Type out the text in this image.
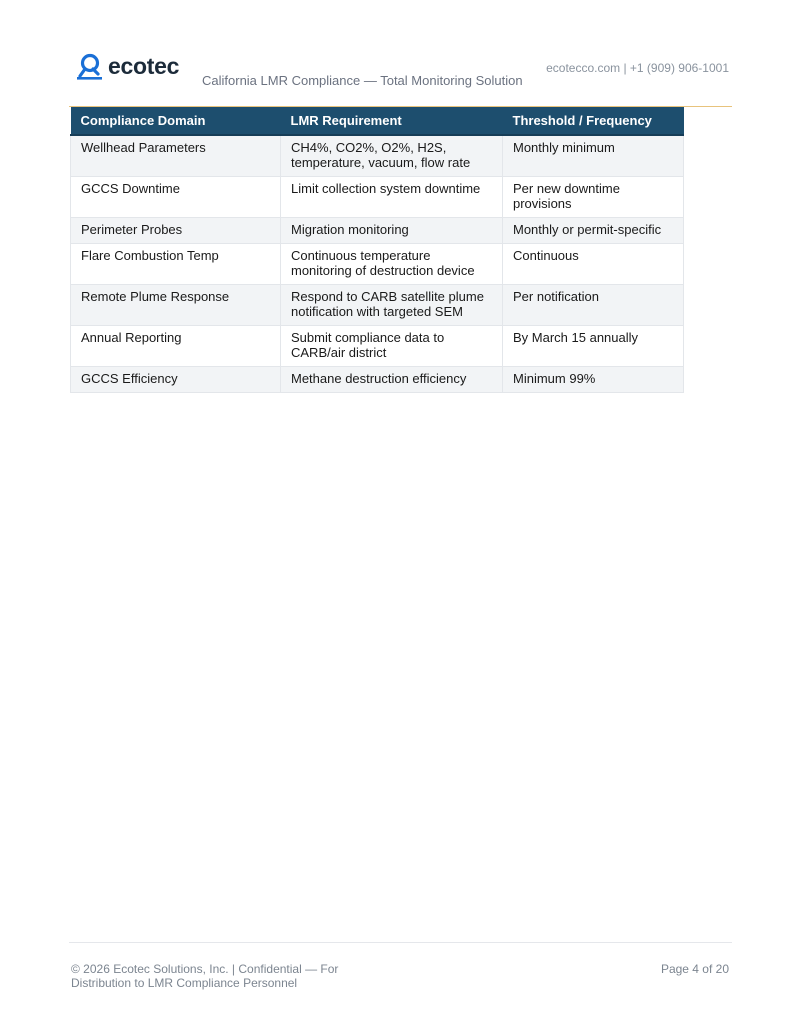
ecotec
California LMR Compliance — Total Monitoring Solution
ecotecco.com | +1 (909) 906-1001
Compliance Domain	LMR Requirement	Threshold / Frequency
Wellhead Parameters	CH4%, CO2%, O2%, H2S, temperature, vacuum, flow rate	Monthly minimum
GCCS Downtime	Limit collection system downtime	Per new downtime provisions
Perimeter Probes	Migration monitoring	Monthly or permit-specific
Flare Combustion Temp	Continuous temperature monitoring of destruction device	Continuous
Remote Plume Response	Respond to CARB satellite plume notification with targeted SEM	Per notification
Annual Reporting	Submit compliance data to CARB/air district	By March 15 annually
GCCS Efficiency	Methane destruction efficiency	Minimum 99%
© 2026 Ecotec Solutions, Inc. | Confidential — For Distribution to LMR Compliance Personnel
Page 4 of 20
